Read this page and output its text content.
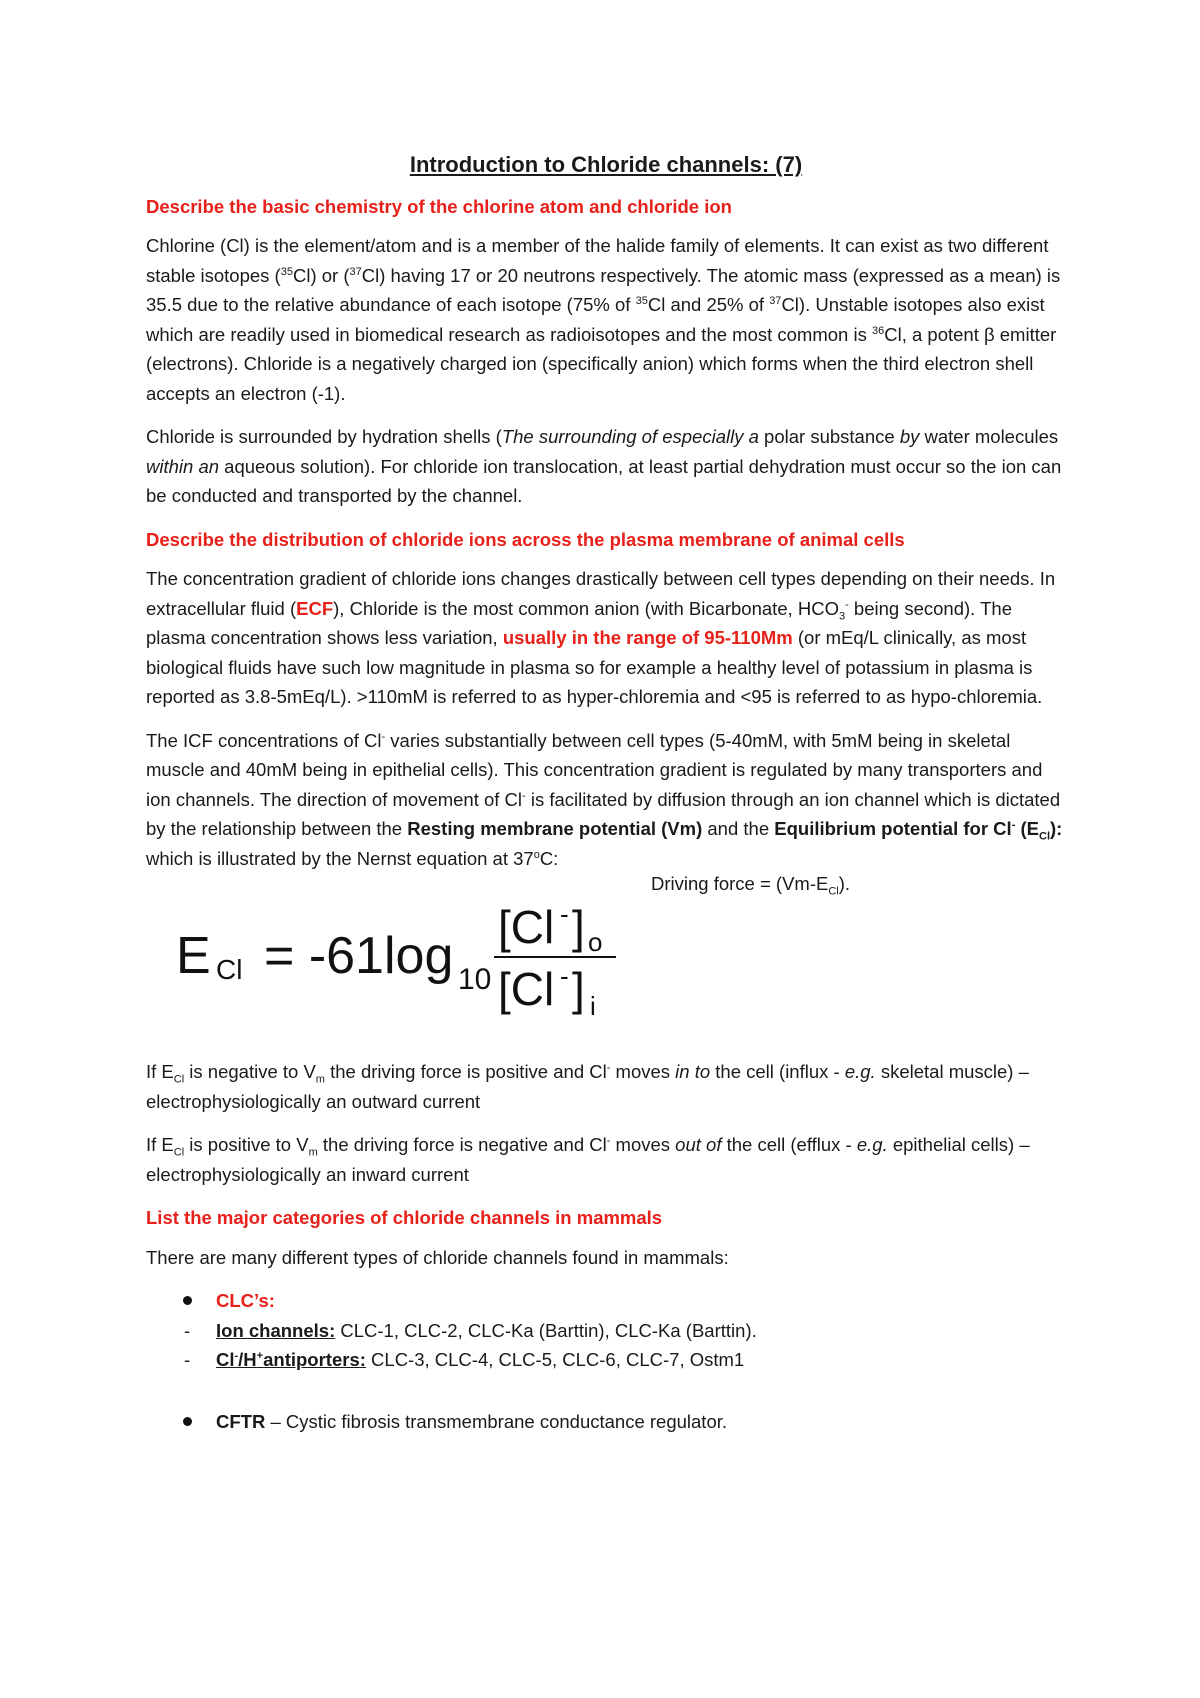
Introduction to Chloride channels: (7)
Describe the basic chemistry of the chlorine atom and chloride ion

Chlorine (Cl) is the element/atom and is a member of the halide family of elements. It can exist as two different stable isotopes ($^{35}$Cl) or ($^{37}$Cl) having 17 or 20 neutrons respectively. The atomic mass (expressed as a mean) is 35.5 due to the relative abundance of each isotope (75% of $^{35}$Cl and 25% of $^{37}$Cl). Unstable isotopes also exist which are readily used in biomedical research as radioisotopes and the most common is $^{36}$Cl, a potent β emitter (electrons). Chloride is a negatively charged ion (specifically anion) which forms when the third electron shell accepts an electron (-1).

Chloride is surrounded by hydration shells (The surrounding of especially a polar substance by water molecules within an aqueous solution). For chloride ion translocation, at least partial dehydration must occur so the ion can be conducted and transported by the channel.

Describe the distribution of chloride ions across the plasma membrane of animal cells

The concentration gradient of chloride ions changes drastically between cell types depending on their needs. In extracellular fluid (ECF), Chloride is the most common anion (with Bicarbonate, $HCO_3^-$ being second). The plasma concentration shows less variation, usually in the range of 95-110Mm (or mEq/L clinically, as most biological fluids have such low magnitude in plasma so for example a healthy level of potassium in plasma is reported as 3.8-5mEq/L). >110mM is referred to as hyper-chloremia and <95 is referred to as hypo-chloremia.

The ICF concentrations of Cl- varies substantially between cell types (5-40mM, with 5mM being in skeletal muscle and 40mM being in epithelial cells). This concentration gradient is regulated by many transporters and ion channels. The direction of movement of Cl- is facilitated by diffusion through an ion channel which is dictated by the relationship between the Resting membrane potential (Vm) and the Equilibrium potential for Cl- $(E_{Cl})$: which is illustrated by the Nernst equation at 37$^o$C:

Driving force = $(Vm-E_{Cl})$.
E Cl = -61log 10
[Cl - ] o
[Cl - ] i

If $E_{Cl}$ is negative to $V_m$ the driving force is positive and Cl- moves in to the cell (influx - e.g. skeletal muscle) – electrophysiologically an outward current

If $E_{Cl}$ is positive to $V_m$ the driving force is negative and Cl- moves out of the cell (efflux - e.g. epithelial cells) – electrophysiologically an inward current

List the major categories of chloride channels in mammals

There are many different types of chloride channels found in mammals:

CLC’s:
- Ion channels: CLC-1, CLC-2, CLC-Ka (Barttin), CLC-Ka (Barttin).
- Cl-/H+antiporters: CLC-3, CLC-4, CLC-5, CLC-6, CLC-7, Ostm1
CFTR – Cystic fibrosis transmembrane conductance regulator.
